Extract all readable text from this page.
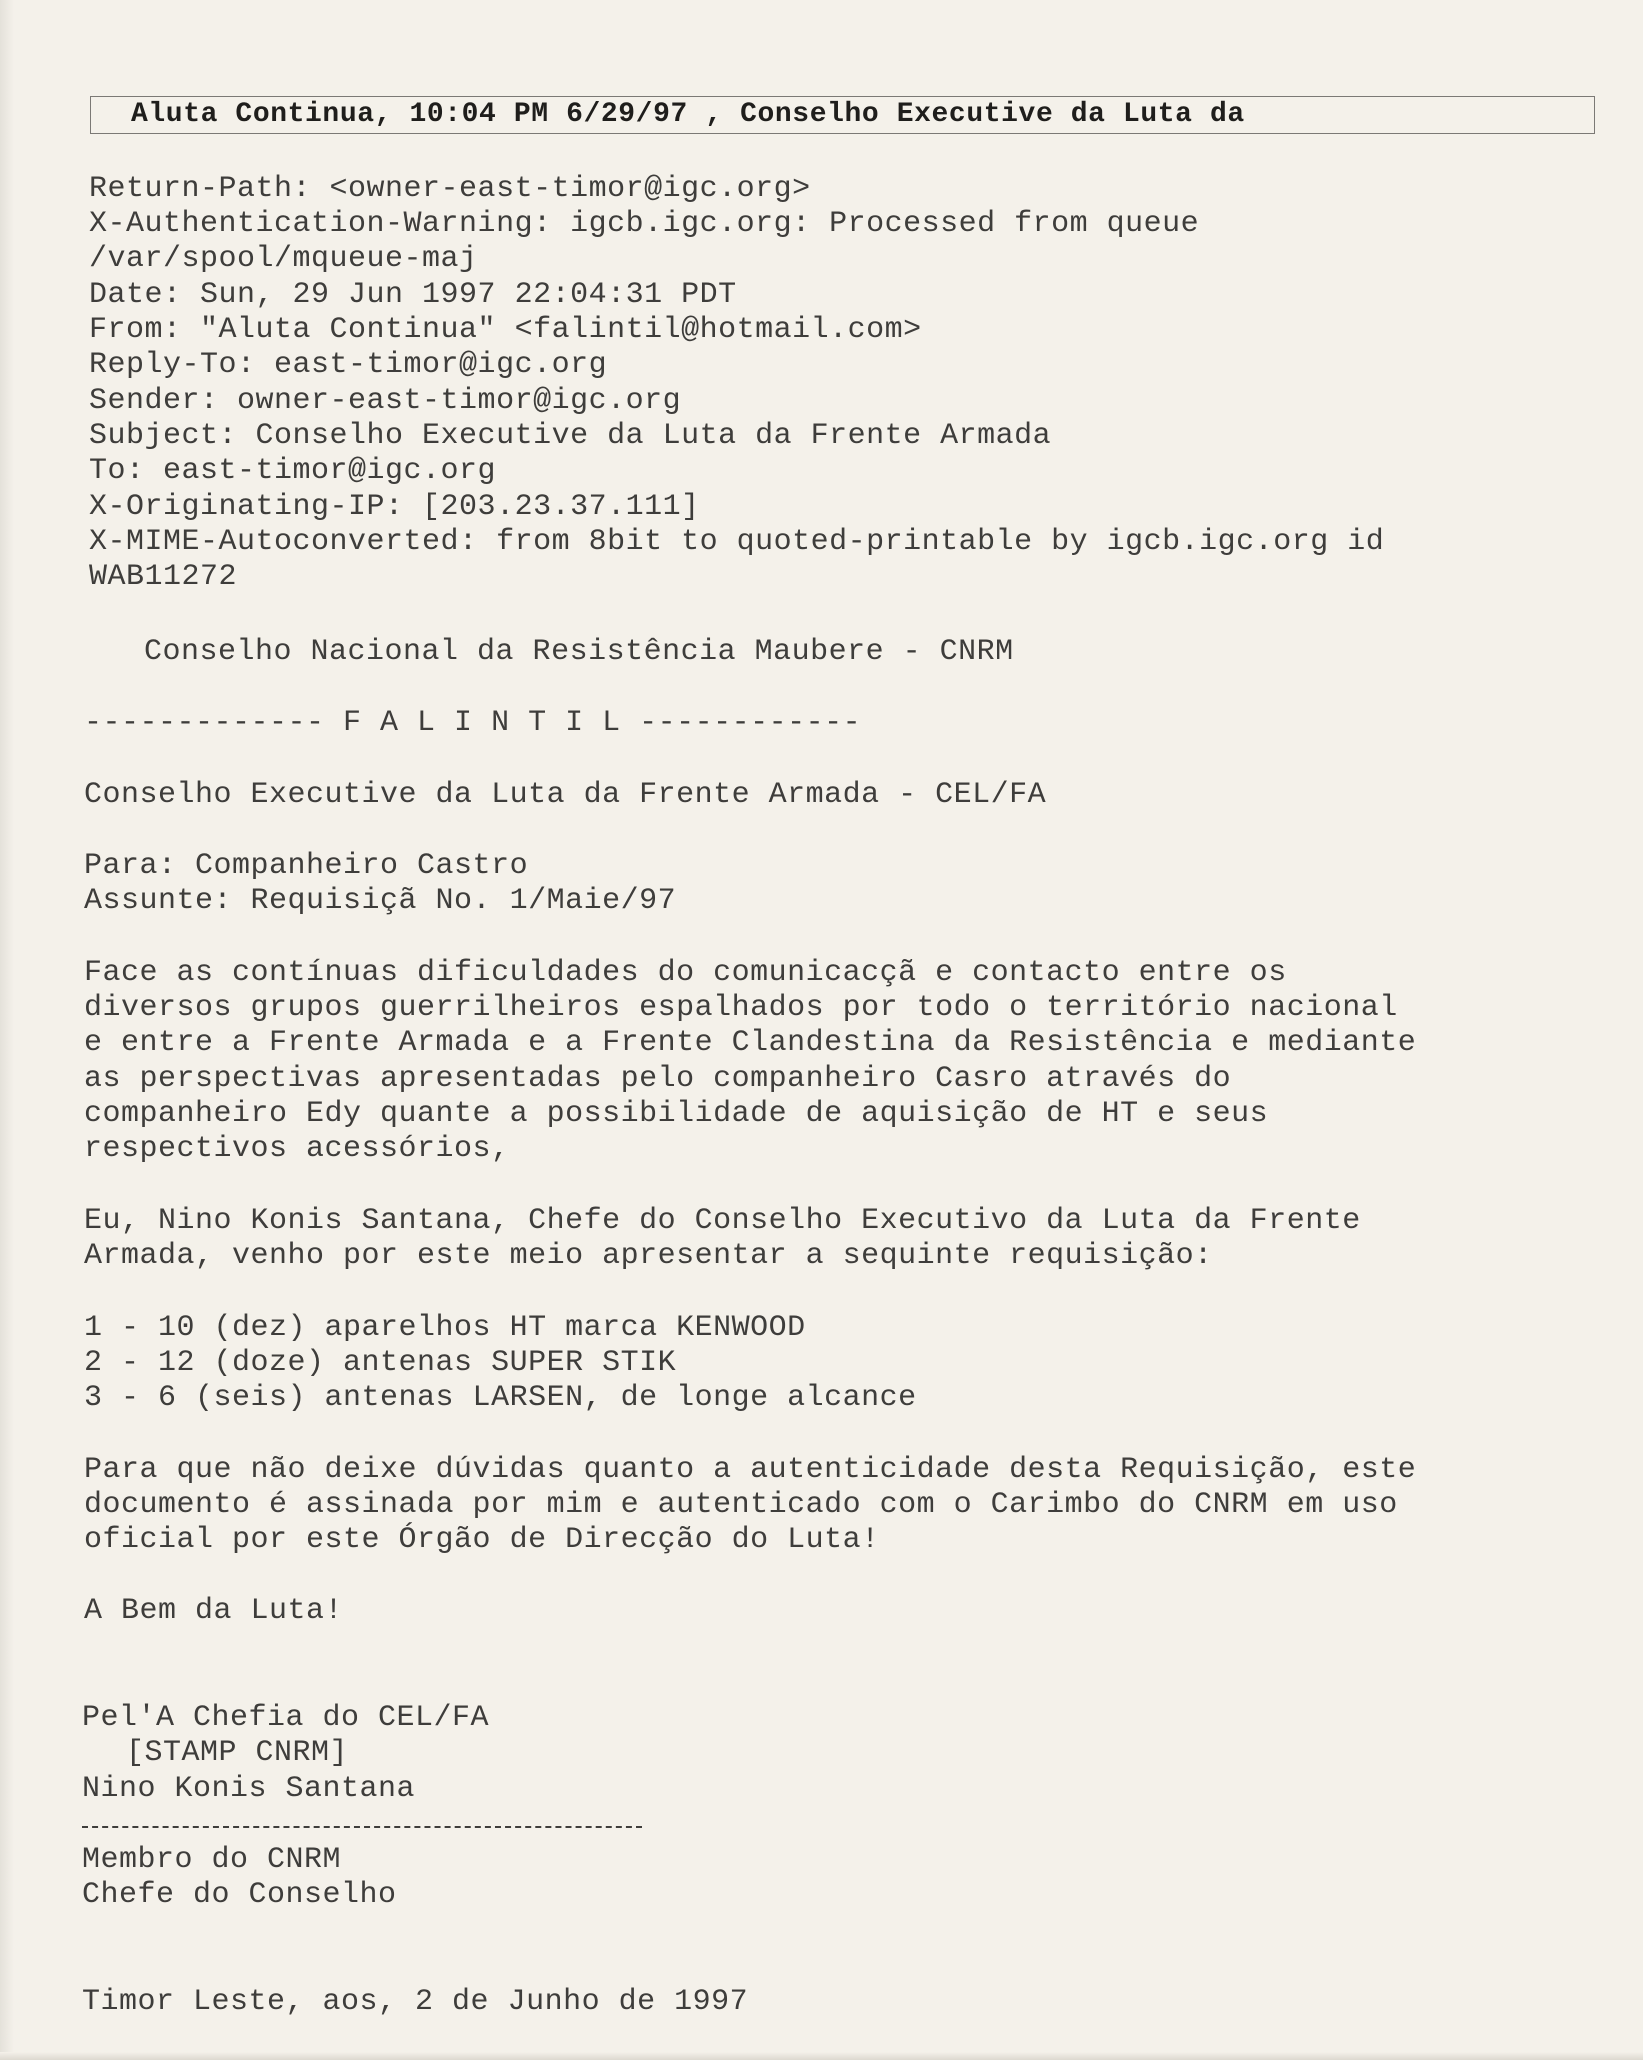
Aluta Continua, 10:04 PM 6/29/97 , Conselho Executive da Luta da
Return-Path: <owner-east-timor@igc.org>
X-Authentication-Warning: igcb.igc.org: Processed from queue
/var/spool/mqueue-maj
Date: Sun, 29 Jun 1997 22:04:31 PDT
From: "Aluta Continua" <falintil@hotmail.com>
Reply-To: east-timor@igc.org
Sender: owner-east-timor@igc.org
Subject: Conselho Executive da Luta da Frente Armada
To: east-timor@igc.org
X-Originating-IP: [203.23.37.111]
X-MIME-Autoconverted: from 8bit to quoted-printable by igcb.igc.org id
WAB11272
Conselho Nacional da Resistência Maubere - CNRM
------------- F A L I N T I L ------------
Conselho Executive da Luta da Frente Armada - CEL/FA
Para: Companheiro Castro
Assunte: Requisiçã No. 1/Maie/97
Face as contínuas dificuldades do comunicacçã e contacto entre os
diversos grupos guerrilheiros espalhados por todo o território nacional
e entre a Frente Armada e a Frente Clandestina da Resistência e mediante
as perspectivas apresentadas pelo companheiro Casro através do
companheiro Edy quante a possibilidade de aquisição de HT e seus
respectivos acessórios,
Eu, Nino Konis Santana, Chefe do Conselho Executivo da Luta da Frente
Armada, venho por este meio apresentar a sequinte requisição:
1 - 10 (dez) aparelhos HT marca KENWOOD
2 - 12 (doze) antenas SUPER STIK
3 - 6 (seis) antenas LARSEN, de longe alcance
Para que não deixe dúvidas quanto a autenticidade desta Requisição, este
documento é assinada por mim e autenticado com o Carimbo do CNRM em uso
oficial por este Órgão de Direcção do Luta!
A Bem da Luta!
Pel'A Chefia do CEL/FA
[STAMP CNRM]
Nino Konis Santana
Membro do CNRM
Chefe do Conselho
Timor Leste, aos, 2 de Junho de 1997
